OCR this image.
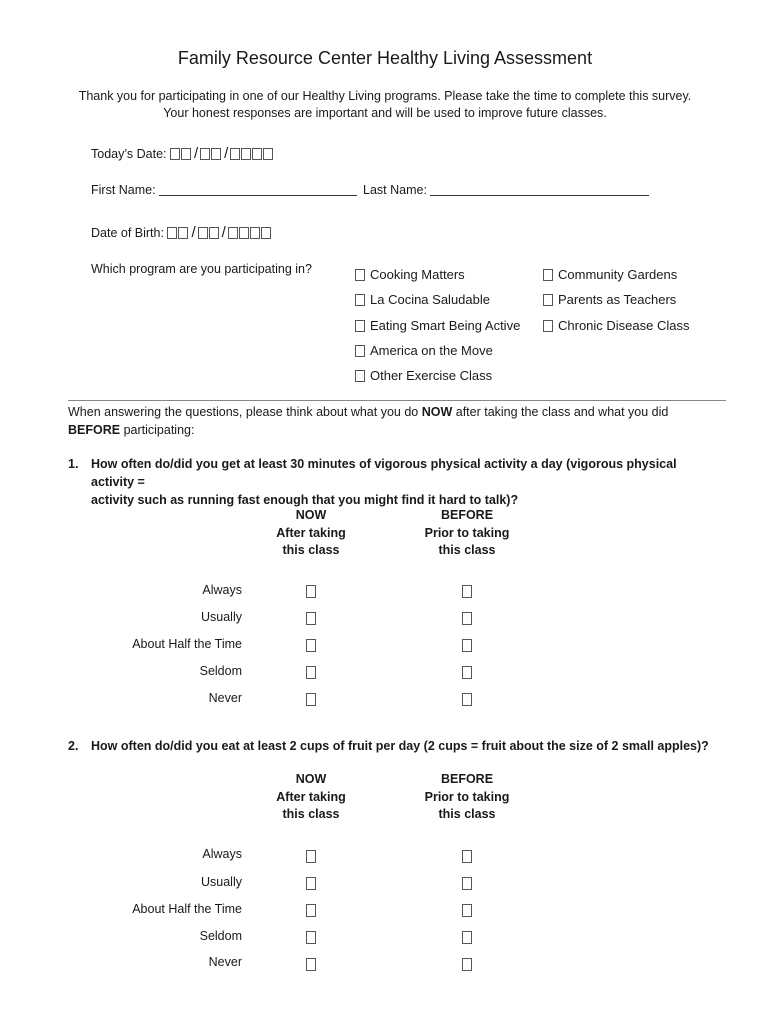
Family Resource Center Healthy Living Assessment
Thank you for participating in one of our Healthy Living programs. Please take the time to complete this survey.
Your honest responses are important and will be used to improve future classes.
Today’s Date: / /
First Name:	Last Name:
Date of Birth: / /
Which program are you participating in?	Cooking Matters
La Cocina Saludable
Eating Smart Being Active
America on the Move
Other Exercise Class
Community Gardens
Parents as Teachers
Chronic Disease Class
When answering the questions, please think about what you do NOW after taking the class and what you did
BEFORE participating:
1. How often do/did you get at least 30 minutes of vigorous physical activity a day (vigorous physical activity =
activity such as running fast enough that you might find it hard to talk)?
NOW
After taking
this class
BEFORE
Prior to taking
this class
Always
Usually
About Half the Time
Seldom
Never
2. How often do/did you eat at least 2 cups of fruit per day (2 cups = fruit about the size of 2 small apples)?
NOW
After taking
this class
BEFORE
Prior to taking
this class
Always
Usually
About Half the Time
Seldom
Never
